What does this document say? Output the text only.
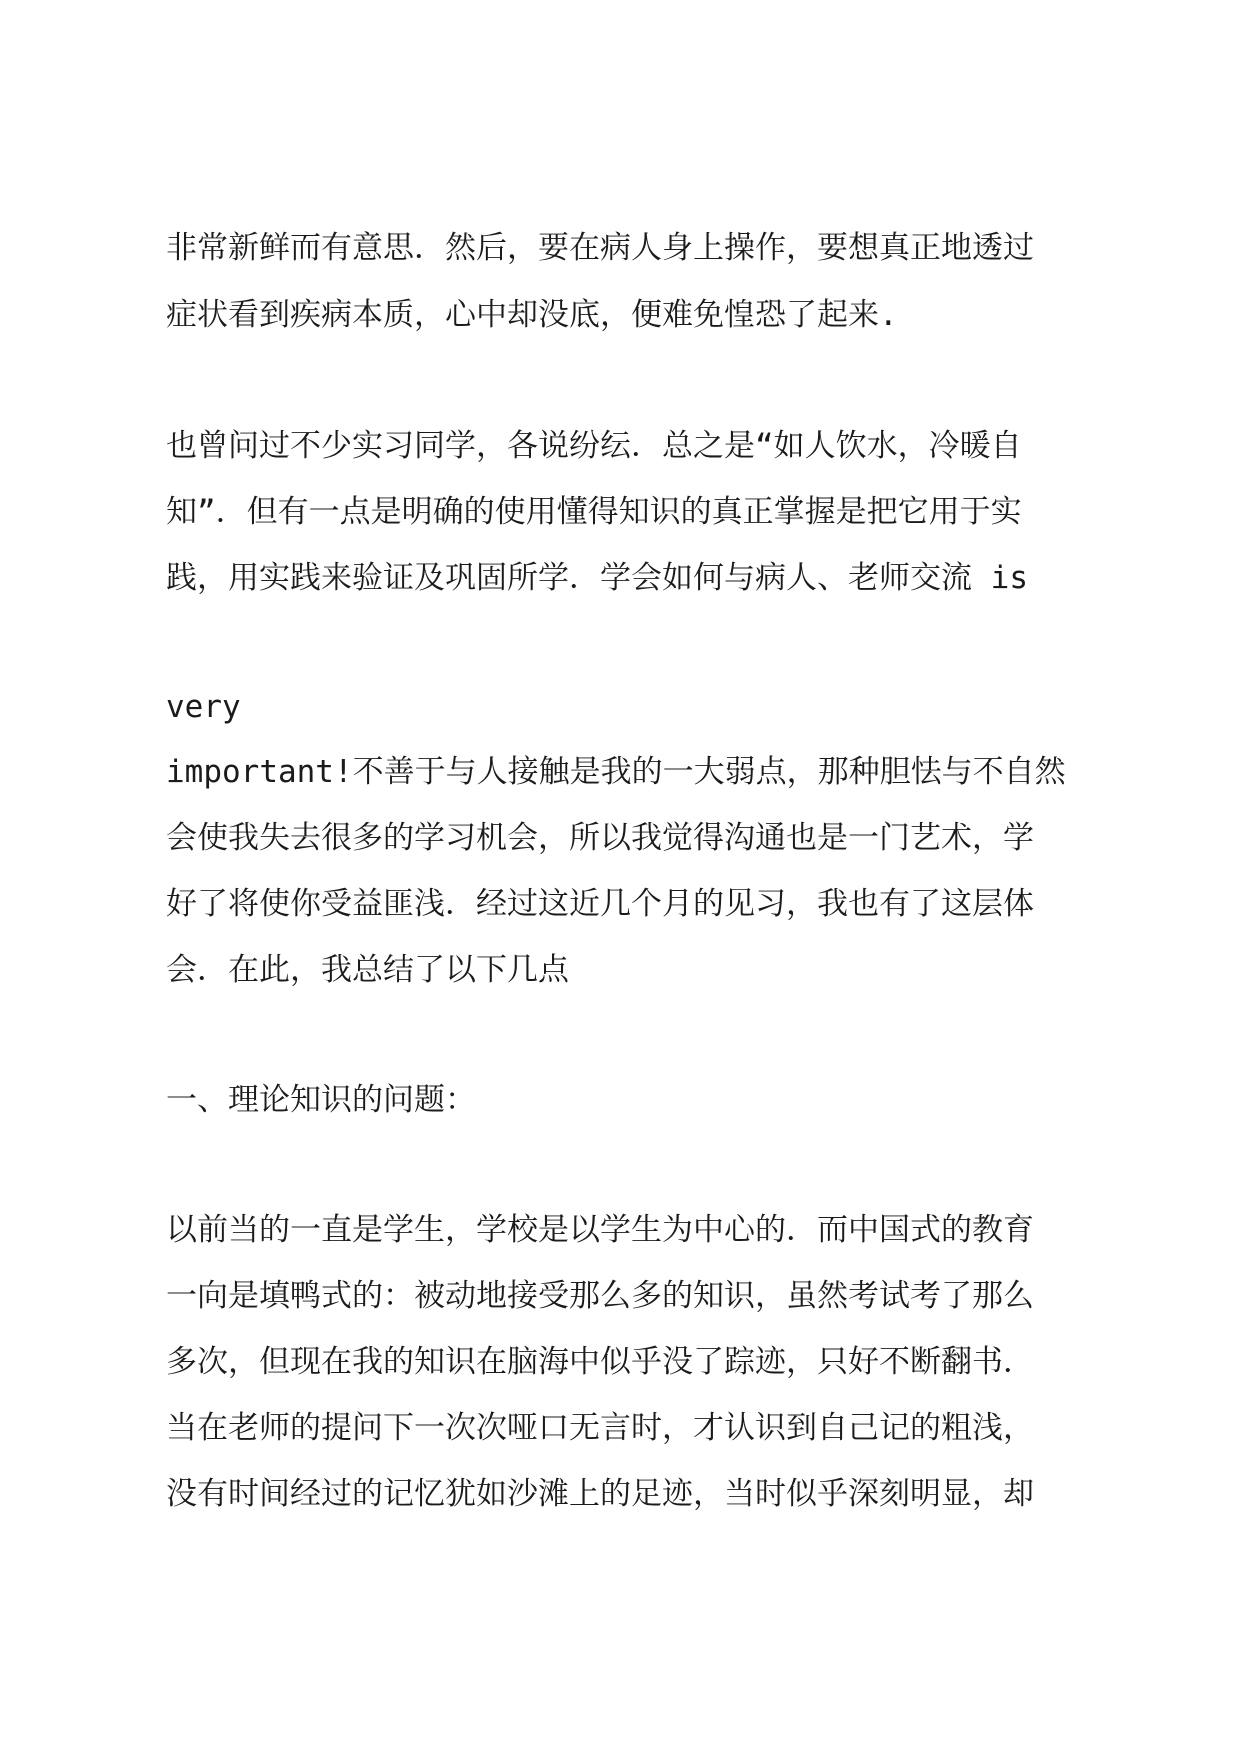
非常新鲜而有意思．然后，要在病人身上操作，要想真正地透过

症状看到疾病本质，心中却没底，便难免惶恐了起来.

也曾问过不少实习同学，各说纷纭．总之是“如人饮水，冷暖自

知”．但有一点是明确的使用懂得知识的真正掌握是把它用于实

践，用实践来验证及巩固所学．学会如何与病人、老师交流 is

very

important!不善于与人接触是我的一大弱点，那种胆怯与不自然

会使我失去很多的学习机会，所以我觉得沟通也是一门艺术，学

好了将使你受益匪浅．经过这近几个月的见习，我也有了这层体

会．在此，我总结了以下几点

一、理论知识的问题：

以前当的一直是学生，学校是以学生为中心的．而中国式的教育

一向是填鸭式的：被动地接受那么多的知识，虽然考试考了那么

多次，但现在我的知识在脑海中似乎没了踪迹，只好不断翻书．

当在老师的提问下一次次哑口无言时，才认识到自己记的粗浅，

没有时间经过的记忆犹如沙滩上的足迹，当时似乎深刻明显，却
